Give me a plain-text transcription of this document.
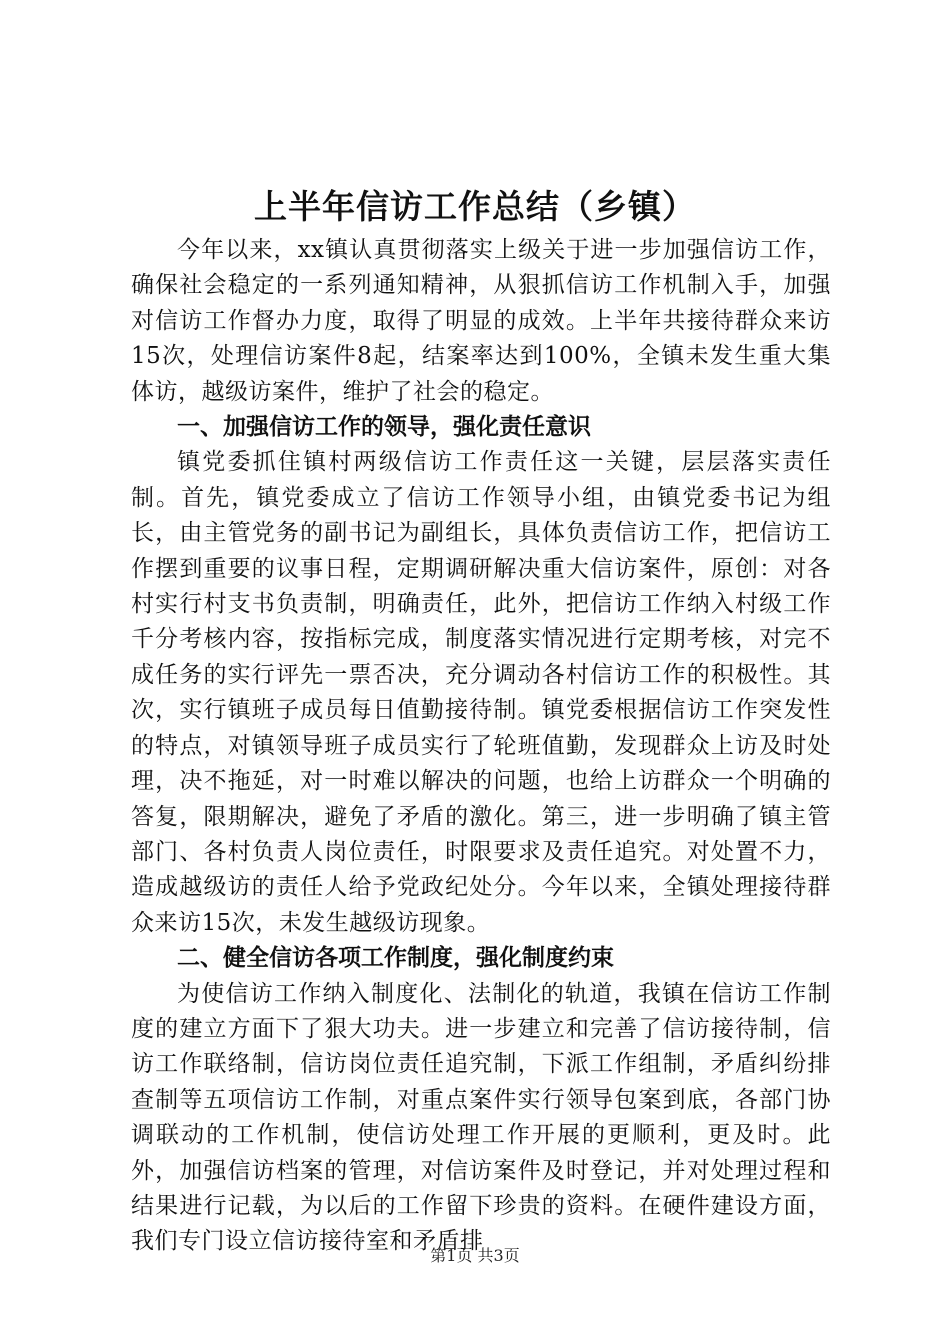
上半年信访工作总结（乡镇）

今年以来，xx镇认真贯彻落实上级关于进一步加强信访工作，确保社会稳定的一系列通知精神，从狠抓信访工作机制入手，加强对信访工作督办力度，取得了明显的成效。上半年共接待群众来访15次，处理信访案件8起，结案率达到100%，全镇未发生重大集体访，越级访案件，维护了社会的稳定。

一、加强信访工作的领导，强化责任意识

镇党委抓住镇村两级信访工作责任这一关键，层层落实责任制。首先，镇党委成立了信访工作领导小组，由镇党委书记为组长，由主管党务的副书记为副组长，具体负责信访工作，把信访工作摆到重要的议事日程，定期调研解决重大信访案件，原创：对各村实行村支书负责制，明确责任，此外，把信访工作纳入村级工作千分考核内容，按指标完成，制度落实情况进行定期考核，对完不成任务的实行评先一票否决，充分调动各村信访工作的积极性。其次，实行镇班子成员每日值勤接待制。镇党委根据信访工作突发性的特点，对镇领导班子成员实行了轮班值勤，发现群众上访及时处理，决不拖延，对一时难以解决的问题，也给上访群众一个明确的答复，限期解决，避免了矛盾的激化。第三，进一步明确了镇主管部门、各村负责人岗位责任，时限要求及责任追究。对处置不力，造成越级访的责任人给予党政纪处分。今年以来，全镇处理接待群众来访15次，未发生越级访现象。

二、健全信访各项工作制度，强化制度约束

为使信访工作纳入制度化、法制化的轨道，我镇在信访工作制度的建立方面下了狠大功夫。进一步建立和完善了信访接待制，信访工作联络制，信访岗位责任追究制，下派工作组制，矛盾纠纷排查制等五项信访工作制，对重点案件实行领导包案到底，各部门协调联动的工作机制，使信访处理工作开展的更顺利，更及时。此外，加强信访档案的管理，对信访案件及时登记，并对处理过程和结果进行记载，为以后的工作留下珍贵的资料。在硬件建设方面，我们专门设立信访接待室和矛盾排

第1页 共3页
